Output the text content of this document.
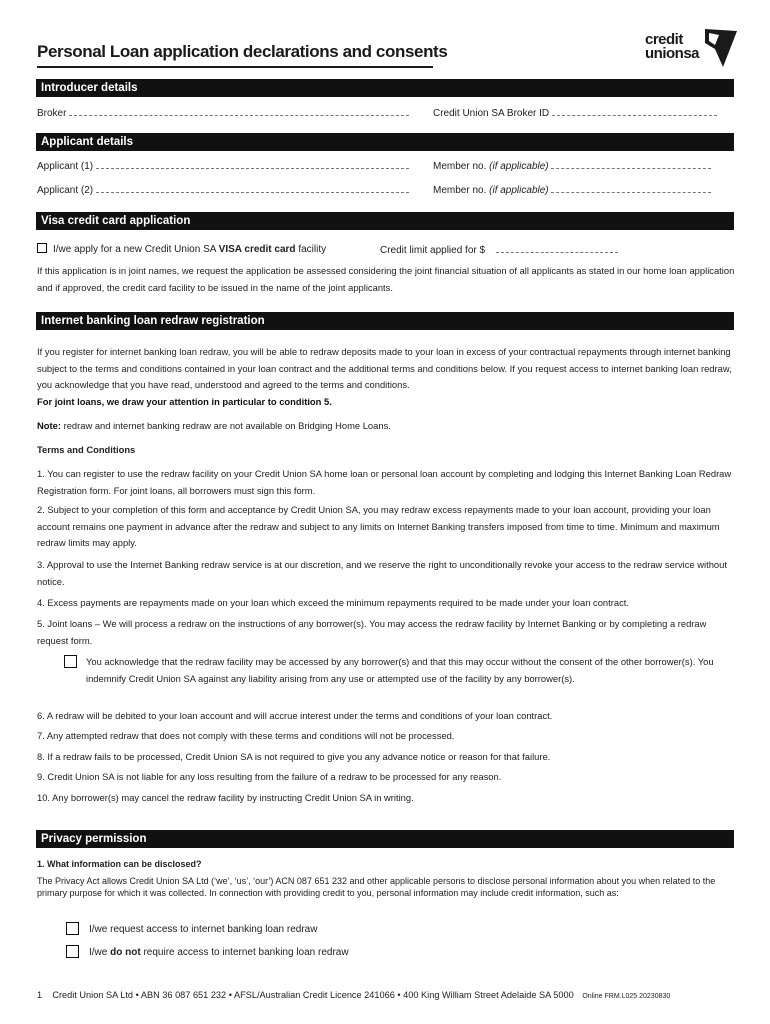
Personal Loan application declarations and consents
credit
unionsa
Introducer details
Broker	Credit Union SA Broker ID
Applicant details
Applicant (1)	Member no. (if applicable)
Applicant (2)	Member no. (if applicable)
Visa credit card application
I/we apply for a new Credit Union SA VISA credit card facility	Credit limit applied for $
If this application is in joint names, we request the application be assessed considering the joint financial situation of all applicants as stated in our home loan application and if approved, the credit card facility to be issued in the name of the joint applicants.
Internet banking loan redraw registration
If you register for internet banking loan redraw, you will be able to redraw deposits made to your loan in excess of your contractual repayments through internet banking subject to the terms and conditions contained in your loan contract and the additional terms and conditions below. If you request access to internet banking loan redraw, you acknowledge that you have read, understood and agreed to the terms and conditions.
For joint loans, we draw your attention in particular to condition 5.
Note: redraw and internet banking redraw are not available on Bridging Home Loans.
Terms and Conditions
1. You can register to use the redraw facility on your Credit Union SA home loan or personal loan account by completing and lodging this Internet Banking Loan Redraw Registration form. For joint loans, all borrowers must sign this form.
2. Subject to your completion of this form and acceptance by Credit Union SA, you may redraw excess repayments made to your loan account, providing your loan account remains one payment in advance after the redraw and subject to any limits on Internet Banking transfers imposed from time to time. Minimum and maximum redraw limits may apply.
3. Approval to use the Internet Banking redraw service is at our discretion, and we reserve the right to unconditionally revoke your access to the redraw service without notice.
4. Excess payments are repayments made on your loan which exceed the minimum repayments required to be made under your loan contract.
5. Joint loans – We will process a redraw on the instructions of any borrower(s). You may access the redraw facility by Internet Banking or by completing a redraw request form.
You acknowledge that the redraw facility may be accessed by any borrower(s) and that this may occur without the consent of the other borrower(s). You indemnify Credit Union SA against any liability arising from any use or attempted use of the facility by any borrower(s).
6. A redraw will be debited to your loan account and will accrue interest under the terms and conditions of your loan contract.
7. Any attempted redraw that does not comply with these terms and conditions will not be processed.
8. If a redraw fails to be processed, Credit Union SA is not required to give you any advance notice or reason for that failure.
9. Credit Union SA is not liable for any loss resulting from the failure of a redraw to be processed for any reason.
10. Any borrower(s) may cancel the redraw facility by instructing Credit Union SA in writing.
Privacy permission
1. What information can be disclosed?
The Privacy Act allows Credit Union SA Ltd (‘we’, ‘us’, ‘our’) ACN 087 651 232 and other applicable persons to disclose personal information about you when related to the primary purpose for which it was collected. In connection with providing credit to you, personal information may include credit information, such as:
I/we request access to internet banking loan redraw
I/we do not require access to internet banking loan redraw
1 Credit Union SA Ltd • ABN 36 087 651 232 • AFSL/Australian Credit Licence 241066 • 400 King William Street Adelaide SA 5000 Online FRM.L025 20230830
